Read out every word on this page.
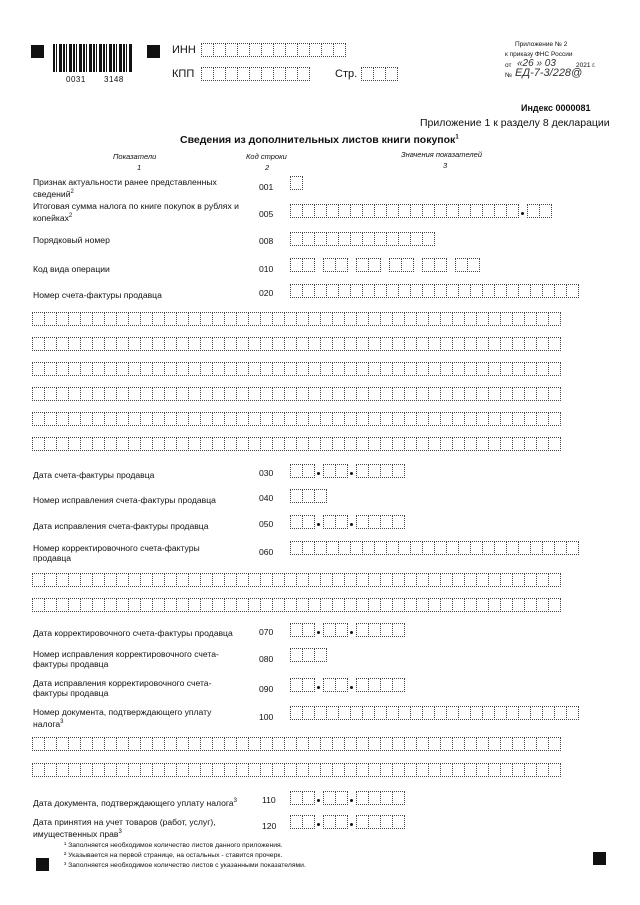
0031 3148
ИНН
КПП	Стр.
Приложение № 2
к приказу ФНС России
от «26 » 03	2021 г.
№ ЕД-7-3/228@
Индекс 0000081
Приложение 1 к разделу 8 декларации
Сведения из дополнительных листов книги покупок$^1$
Показатели	Код строки	Значения показателей
1	2	3
Признак актуальности ранее представленных сведений$^2$	001
Итоговая сумма налога по книге покупок в рублях и копейках$^2$	005
Порядковый номер	008
Код вида операции	010
Номер счета-фактуры продавца	020
Дата счета-фактуры продавца	030
Номер исправления счета-фактуры продавца	040
Дата исправления счета-фактуры продавца	050
Номер корректировочного счета-фактуры продавца
060
Дата корректировочного счета-фактуры продавца	070
Номер исправления корректировочного счета-фактуры продавца	080
Дата исправления корректировочного счета-фактуры продавца	090
Номер документа, подтверждающего уплату налога$^3$	100
Дата документа, подтверждающего уплату налога$^3$	110
Дата принятия на учет товаров (работ, услуг), имущественных прав$^3$
120
¹ Заполняется необходимое количество листов данного приложения.
² Указывается на первой странице, на остальных - ставится прочерк.
³ Заполняется необходимое количество листов с указанными показателями.
